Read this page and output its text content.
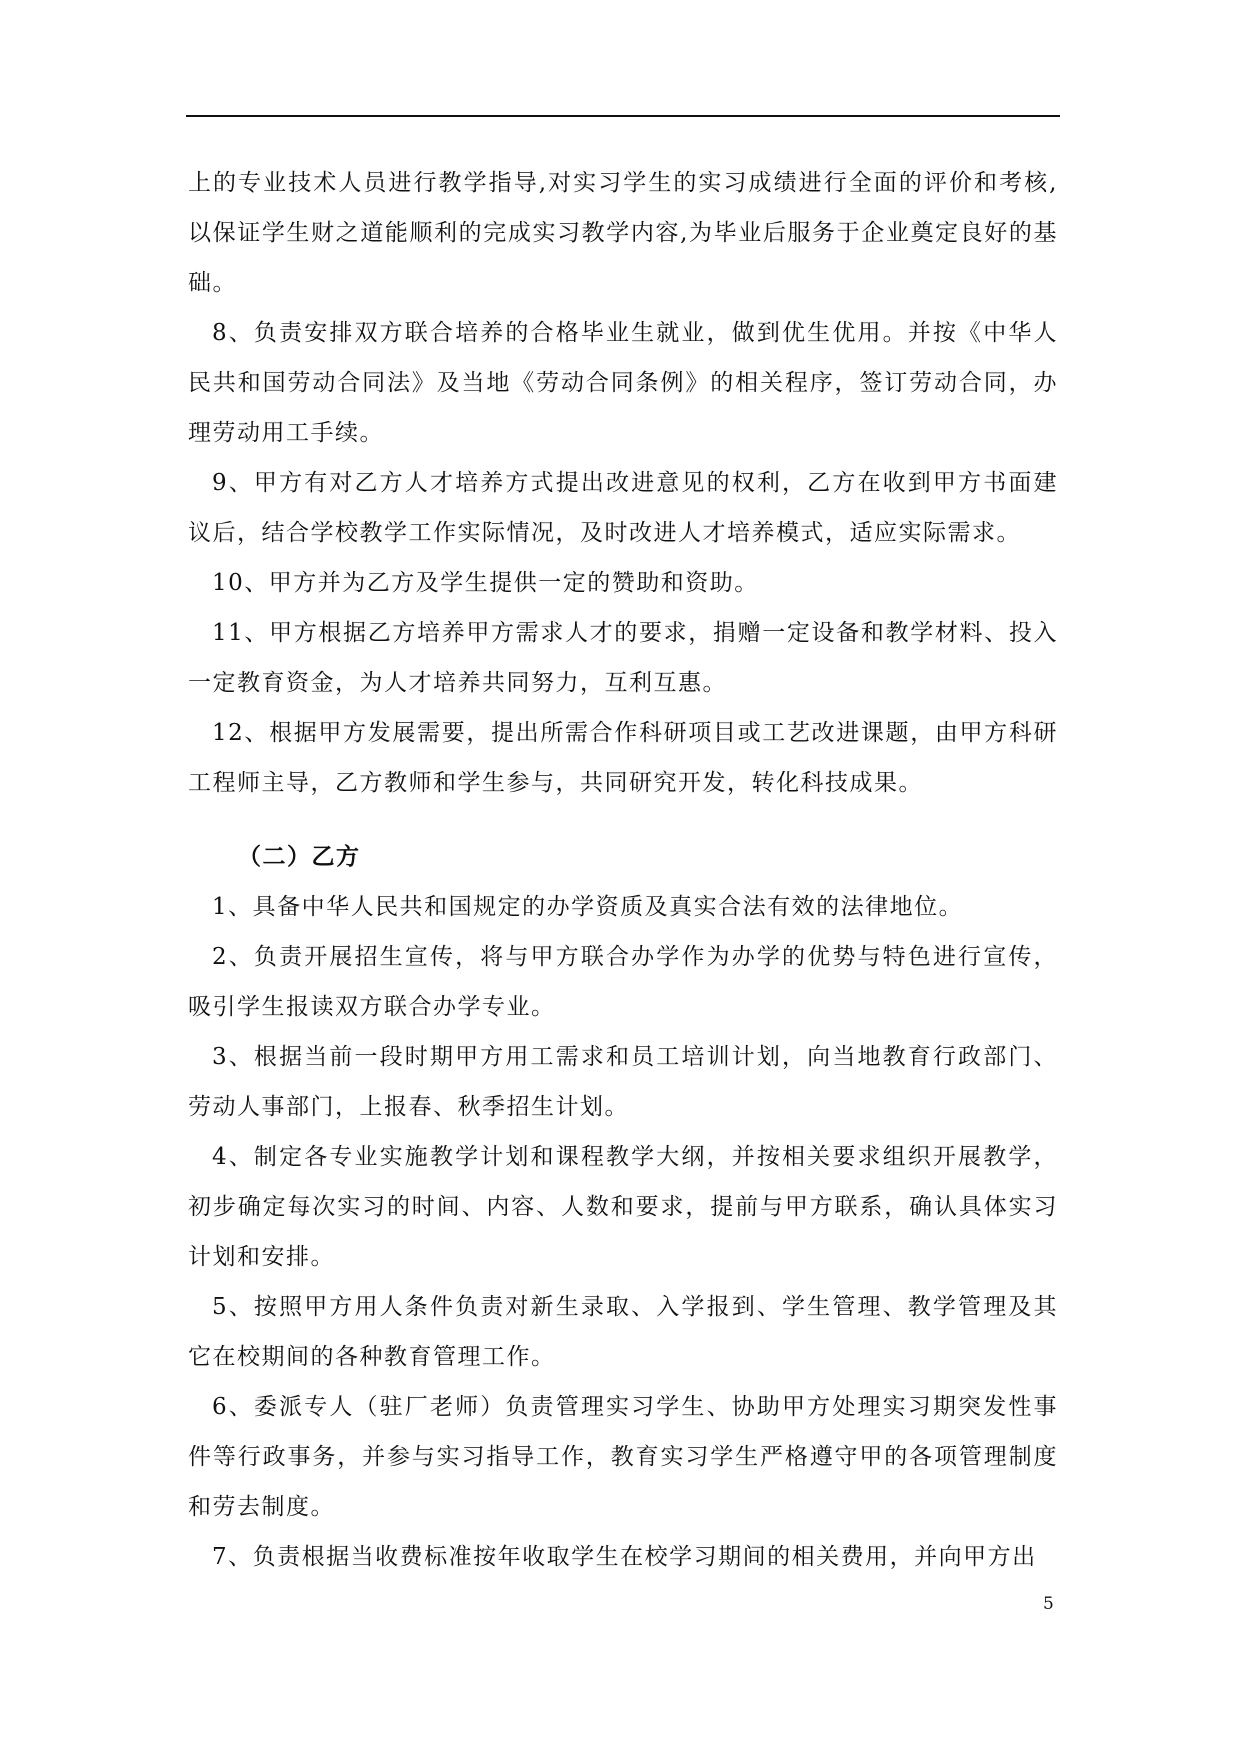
上的专业技术人员进行教学指导,对实习学生的实习成绩进行全面的评价和考核,以保证学生财之道能顺利的完成实习教学内容,为毕业后服务于企业奠定良好的基础。

8、负责安排双方联合培养的合格毕业生就业，做到优生优用。并按《中华人民共和国劳动合同法》及当地《劳动合同条例》的相关程序，签订劳动合同，办理劳动用工手续。

9、甲方有对乙方人才培养方式提出改进意见的权利，乙方在收到甲方书面建议后，结合学校教学工作实际情况，及时改进人才培养模式，适应实际需求。

10、甲方并为乙方及学生提供一定的赞助和资助。

11、甲方根据乙方培养甲方需求人才的要求，捐赠一定设备和教学材料、投入一定教育资金，为人才培养共同努力，互利互惠。

12、根据甲方发展需要，提出所需合作科研项目或工艺改进课题，由甲方科研工程师主导，乙方教师和学生参与，共同研究开发，转化科技成果。

（二）乙方

1、具备中华人民共和国规定的办学资质及真实合法有效的法律地位。

2、负责开展招生宣传，将与甲方联合办学作为办学的优势与特色进行宣传，吸引学生报读双方联合办学专业。

3、根据当前一段时期甲方用工需求和员工培训计划，向当地教育行政部门、劳动人事部门，上报春、秋季招生计划。

4、制定各专业实施教学计划和课程教学大纲，并按相关要求组织开展教学，初步确定每次实习的时间、内容、人数和要求，提前与甲方联系，确认具体实习计划和安排。

5、按照甲方用人条件负责对新生录取、入学报到、学生管理、教学管理及其它在校期间的各种教育管理工作。

6、委派专人（驻厂老师）负责管理实习学生、协助甲方处理实习期突发性事件等行政事务，并参与实习指导工作，教育实习学生严格遵守甲的各项管理制度和劳去制度。

7、负责根据当收费标准按年收取学生在校学习期间的相关费用，并向甲方出

5
